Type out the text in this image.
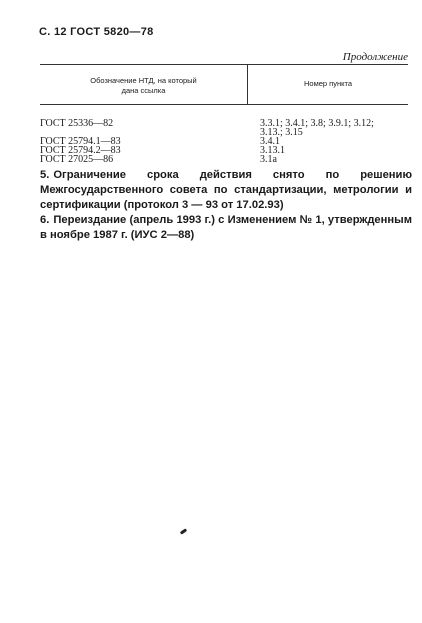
С. 12 ГОСТ 5820—78
Продолжение
Обозначение НТД, на который
дана ссылка
Номер пункта
ГОСТ 25336—82

ГОСТ 25794.1—83
ГОСТ 25794.2—83
ГОСТ 27025—86
3.3.1; 3.4.1; 3.8; 3.9.1; 3.12;
3.13.; 3.15
3.4.1
3.13.1
3.1а
5. Ограничение срока действия снято по решению Межгосударственного совета по стандартизации, метрологии и сертификации (протокол 3 — 93 от 17.02.93)
6. Переиздание (апрель 1993 г.) с Изменением № 1, утвержденным в ноябре 1987 г. (ИУС 2—88)
